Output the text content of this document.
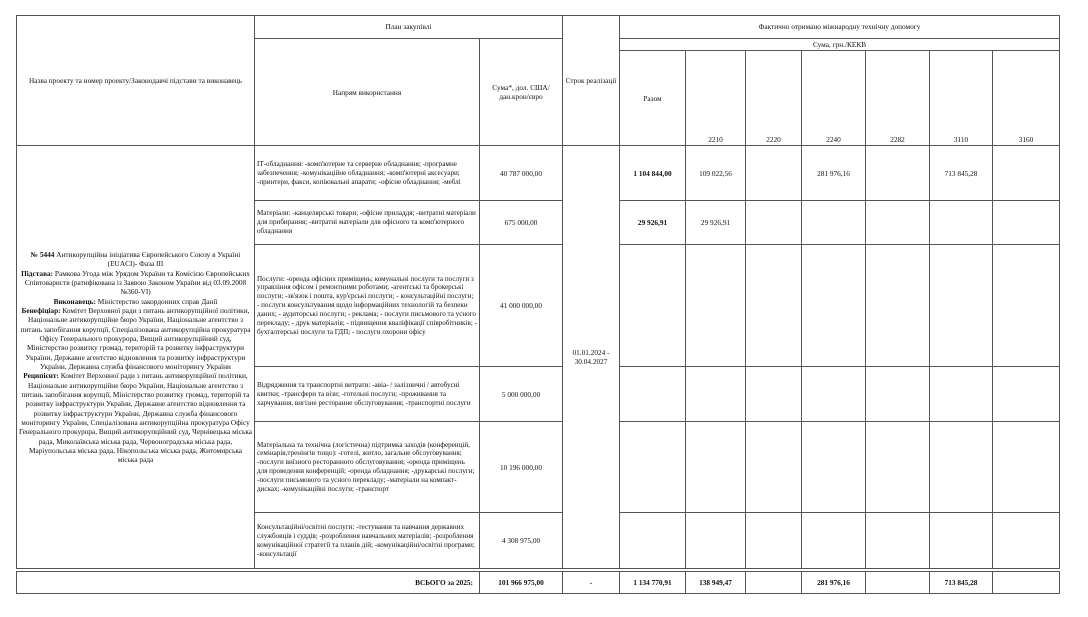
Назва проекту та номер проекту/Законодавчі підстави та виконавець	План закупівлі		Строк реалізації	Фактично отримано міжнародну технічну допомогу						
	Напрям використання	Сума*, дол. США/дан.крон/євро		Сума, грн./КЕКВ						
				Разом	2210	2220	2240	2282	3110	3160
№ 5444 Антикорупційна ініціатива Європейського Союзу в Україні (EUACI)- Фаза ІІІ
Підстава: Рамкова Угода між Урядом України та Комісією Європейських Співтовариств (ратифікована із Заявою Законом України від 03.09.2008 №360-VI)
Виконавець: Міністерство закордонних справ Данії
Бенефіціар: Комітет Верховної ради з питань антикорупційної політики, Національне антикорупційне бюро України, Національне агентство з питань запобігання корупції, Спеціалізована антикорупційна прокуратура Офісу Генерального прокурора, Вищий антикорупційний суд, Міністерство розвитку громад, територій та розвитку інфраструктури України, Державне агентство відновлення та розвитку інфраструктури України, Державна служба фінансового моніторингу України
Реципієнт: Комітет Верховної ради з питань антикорупційної політики, Національне антикорупційне бюро України, Національне агентство з питань запобігання корупції, Міністерство розвитку громад, територій та розвитку інфраструктури України, Державне агентство відновлення та розвитку інфраструктури України, Державна служба фінансового моніторингу України, Спеціалізована антикорупційна прокуратура Офісу Генерального прокурора, Вищий антикорупційний суд, Чернівецька міська рада, Миколаївська міська рада, Червоноградська міська рада, Маріупольська міська рада, Нікопольська міська рада, Житомирська міська рада	ІТ-обладнання: -комп'ютерне та серверне обладнання; -програмне забезпечення; -комунікаційне обладнання; -комп'ютерні аксесуари; -принтери, факси, копіювальні апарати; -офісне обладнання; -меблі	40 787 000,00	01.01.2024 - 30.04.2027	1 104 844,00	109 022,56		281 976,16		713 845,28	
	Матеріали: -канцелярські товари; -офісне приладдя; -витратні матеріали для прибирання; -витратні матеріали для офісного та комп'ютерного обладнання	675 000,00		29 926,91	29 926,91					
	Послуги: -оренда офісних приміщень; комунальні послуги та послуги з управління офісом і ремонтними роботами; -агентські та брокерські послуги; -зв'язок і пошта, кур'єрські послуги; - консультаційні послуги; - послуги консультування щодо інформаційних технологій та безпеки даних; - аудиторські послуги; - реклама; - послуги письмового та усного перекладу; - друк матеріалів; - підвищення кваліфікації співробітників; - бухгалтерські послуги та ГДП; - послуги охорони офісу	41 000 000,00								
	Відрядження та транспортні витрати: -авіа- / залізничні / автобусні квитки; -трансфери та візи; -готельні послуги; -проживання та харчування, вигізне ресторанне обслуговування; -транспортні послуги	5 000 000,00								
	Матеріальна та технічна (логістична) підтримка заходів (конференцій, семінарів,тренінгів тощо): -готелі, житло, загальне обслуговування; -послуги виїзного ресторанного обслуговування; -оренда приміщень для проведення конференцій; -оренда обладнання; -друкарські послуги; -послуги письмового та усного перекладу; -матеріали на компакт-дисках; -комунікаційні послуги; -транспорт	10 196 000,00								
	Консультаційні/освітні послуги: -тестування та навчання державних службовців і суддів; -розроблення навчальних матеріалів; -розроблення комунікаційної стратегії та планів дій; -комунікаційні/освітні програми; -консультації	4 308 975,00								

ВСЬОГО за 2025:		101 966 975,00	-	1 134 770,91	138 949,47		281 976,16		713 845,28	
